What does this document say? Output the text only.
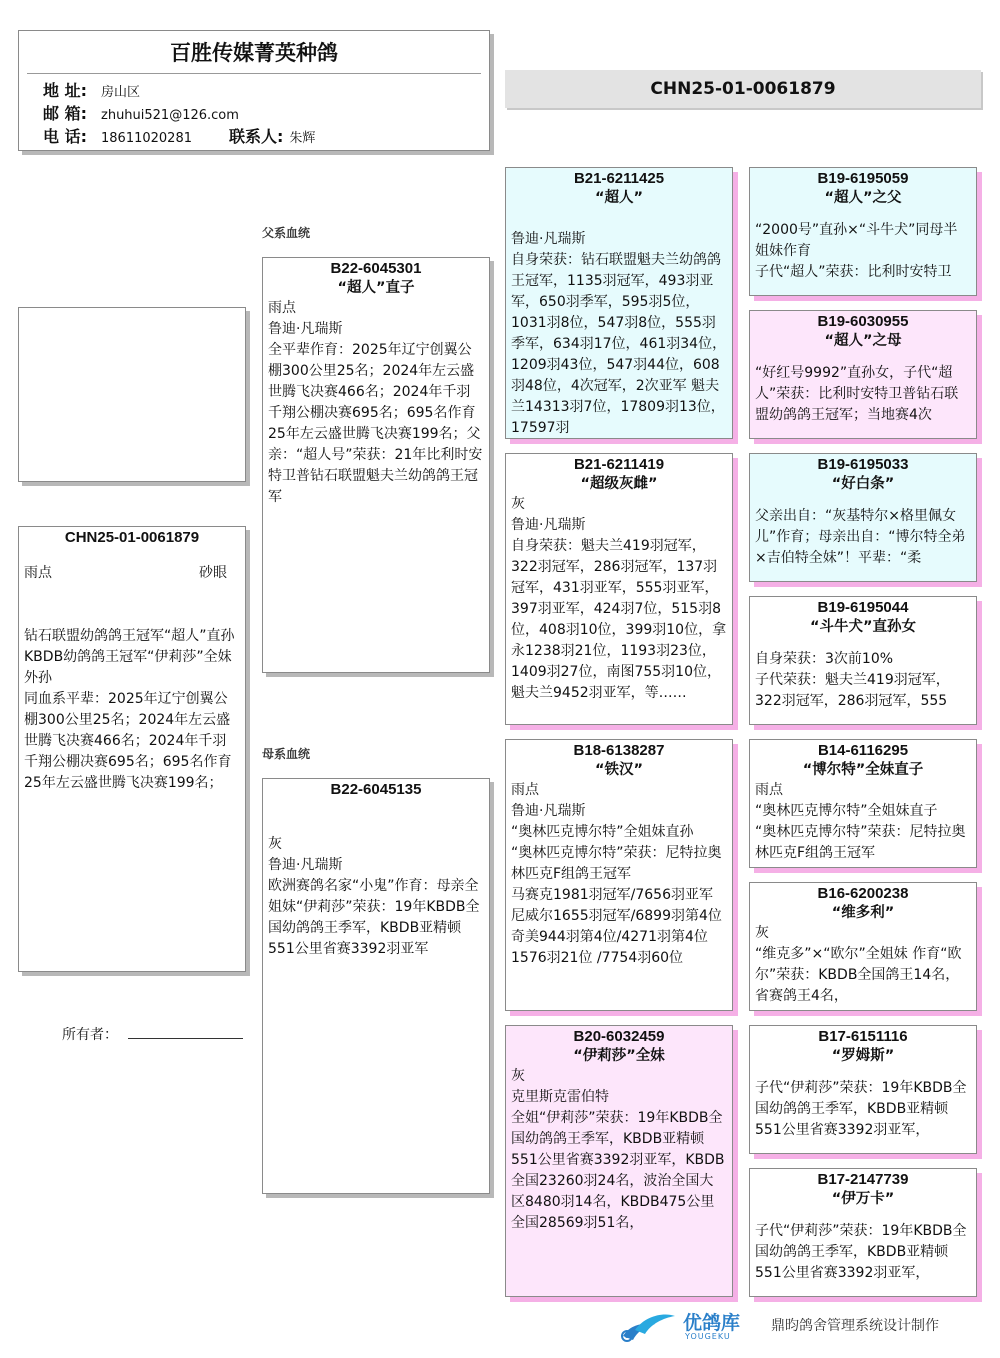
百胜传媒菁英种鸽
地 址: 房山区
邮 箱: zhuhui521@126.com
电 话: 18611020281 联系人: 朱辉
CHN25-01-0061879
CHN25-01-0061879
雨点	砂眼
钻石联盟幼鸽鸽王冠军“超人”直孙
KBDB幼鸽鸽王冠军“伊莉莎”全妹外孙
同血系平辈：2025年辽宁创翼公棚300公里25名；2024年左云盛世腾飞决赛466名；2024年千羽千翔公棚决赛695名；695名作育25年左云盛世腾飞决赛199名；
所有者：
父系血统
母系血统
B22-6045301
“超人”直子
雨点
鲁迪·凡瑞斯
全平辈作育：2025年辽宁创翼公棚300公里25名；2024年左云盛世腾飞决赛466名；2024年千羽千翔公棚决赛695名；695名作育25年左云盛世腾飞决赛199名；父亲：“超人号”荣获：21年比利时安特卫普钻石联盟魁夫兰幼鸽鸽王冠军
B22-6045135
灰
鲁迪·凡瑞斯
欧洲赛鸽名家“小鬼”作育：母亲全姐妹“伊莉莎”荣获：19年KBDB全国幼鸽鸽王季军，KBDB亚精顿551公里省赛3392羽亚军
B21-6211425
“超人”
鲁迪·凡瑞斯
自身荣获：钻石联盟魁夫兰幼鸽鸽王冠军，1135羽冠军，493羽亚军，650羽季军，595羽5位，1031羽8位，547羽8位，555羽季军，634羽17位，461羽34位，1209羽43位，547羽44位，608羽48位，4次冠军，2次亚军 魁夫兰14313羽7位，17809羽13位，17597羽
B21-6211419
“超级灰雌”
灰
鲁迪·凡瑞斯
自身荣获：魁夫兰419羽冠军，322羽冠军，286羽冠军，137羽冠军，431羽亚军，555羽亚军，397羽亚军，424羽7位，515羽8位，408羽10位，399羽10位，拿永1238羽21位，1193羽23位，1409羽27位，南图755羽10位，魁夫兰9452羽亚军，等……
B18-6138287
“铁汉”
雨点
鲁迪·凡瑞斯
“奥林匹克博尔特”全姐妹直孙
“奥林匹克博尔特”荣获：尼特拉奥林匹克F组鸽王冠军
马赛克1981羽冠军/7656羽亚军
尼威尔1655羽冠军/6899羽第4位
奇美944羽第4位/4271羽第4位
1576羽21位 /7754羽60位
B20-6032459
“伊莉莎”全妹
灰
克里斯克雷伯特
全姐“伊莉莎”荣获：19年KBDB全国幼鸽鸽王季军，KBDB亚精顿551公里省赛3392羽亚军，KBDB全国23260羽24名，波治全国大区8480羽14名，KBDB475公里全国28569羽51名，
B19-6195059
“超人”之父
“2000号”直孙×“斗牛犬”同母半姐妹作育
子代“超人”荣获：比利时安特卫
B19-6030955
“超人”之母
“好红号9992”直孙女，子代“超人”荣获：比利时安特卫普钻石联盟幼鸽鸽王冠军；当地赛4次
B19-6195033
“好白条”
父亲出自：“灰基特尔×格里佩女儿”作育；母亲出自：“博尔特全弟×吉伯特全妹”！平辈：“柔
B19-6195044
“斗牛犬”直孙女
自身荣获：3次前10%
子代荣获：魁夫兰419羽冠军，322羽冠军，286羽冠军，555
B14-6116295
“博尔特”全妹直子
雨点
“奥林匹克博尔特”全姐妹直子
“奥林匹克博尔特”荣获：尼特拉奥林匹克F组鸽王冠军
B16-6200238
“维多利”
灰
“维克多”×“欧尔”全姐妹 作育“欧尔”荣获：KBDB全国鸽王14名，省赛鸽王4名，
B17-6151116
“罗姆斯”
子代“伊莉莎”荣获：19年KBDB全国幼鸽鸽王季军，KBDB亚精顿551公里省赛3392羽亚军，
B17-2147739
“伊万卡”
子代“伊莉莎”荣获：19年KBDB全国幼鸽鸽王季军，KBDB亚精顿551公里省赛3392羽亚军，
优鸽库
YOUGEKU
鼎昀鸽舍管理系统设计制作
